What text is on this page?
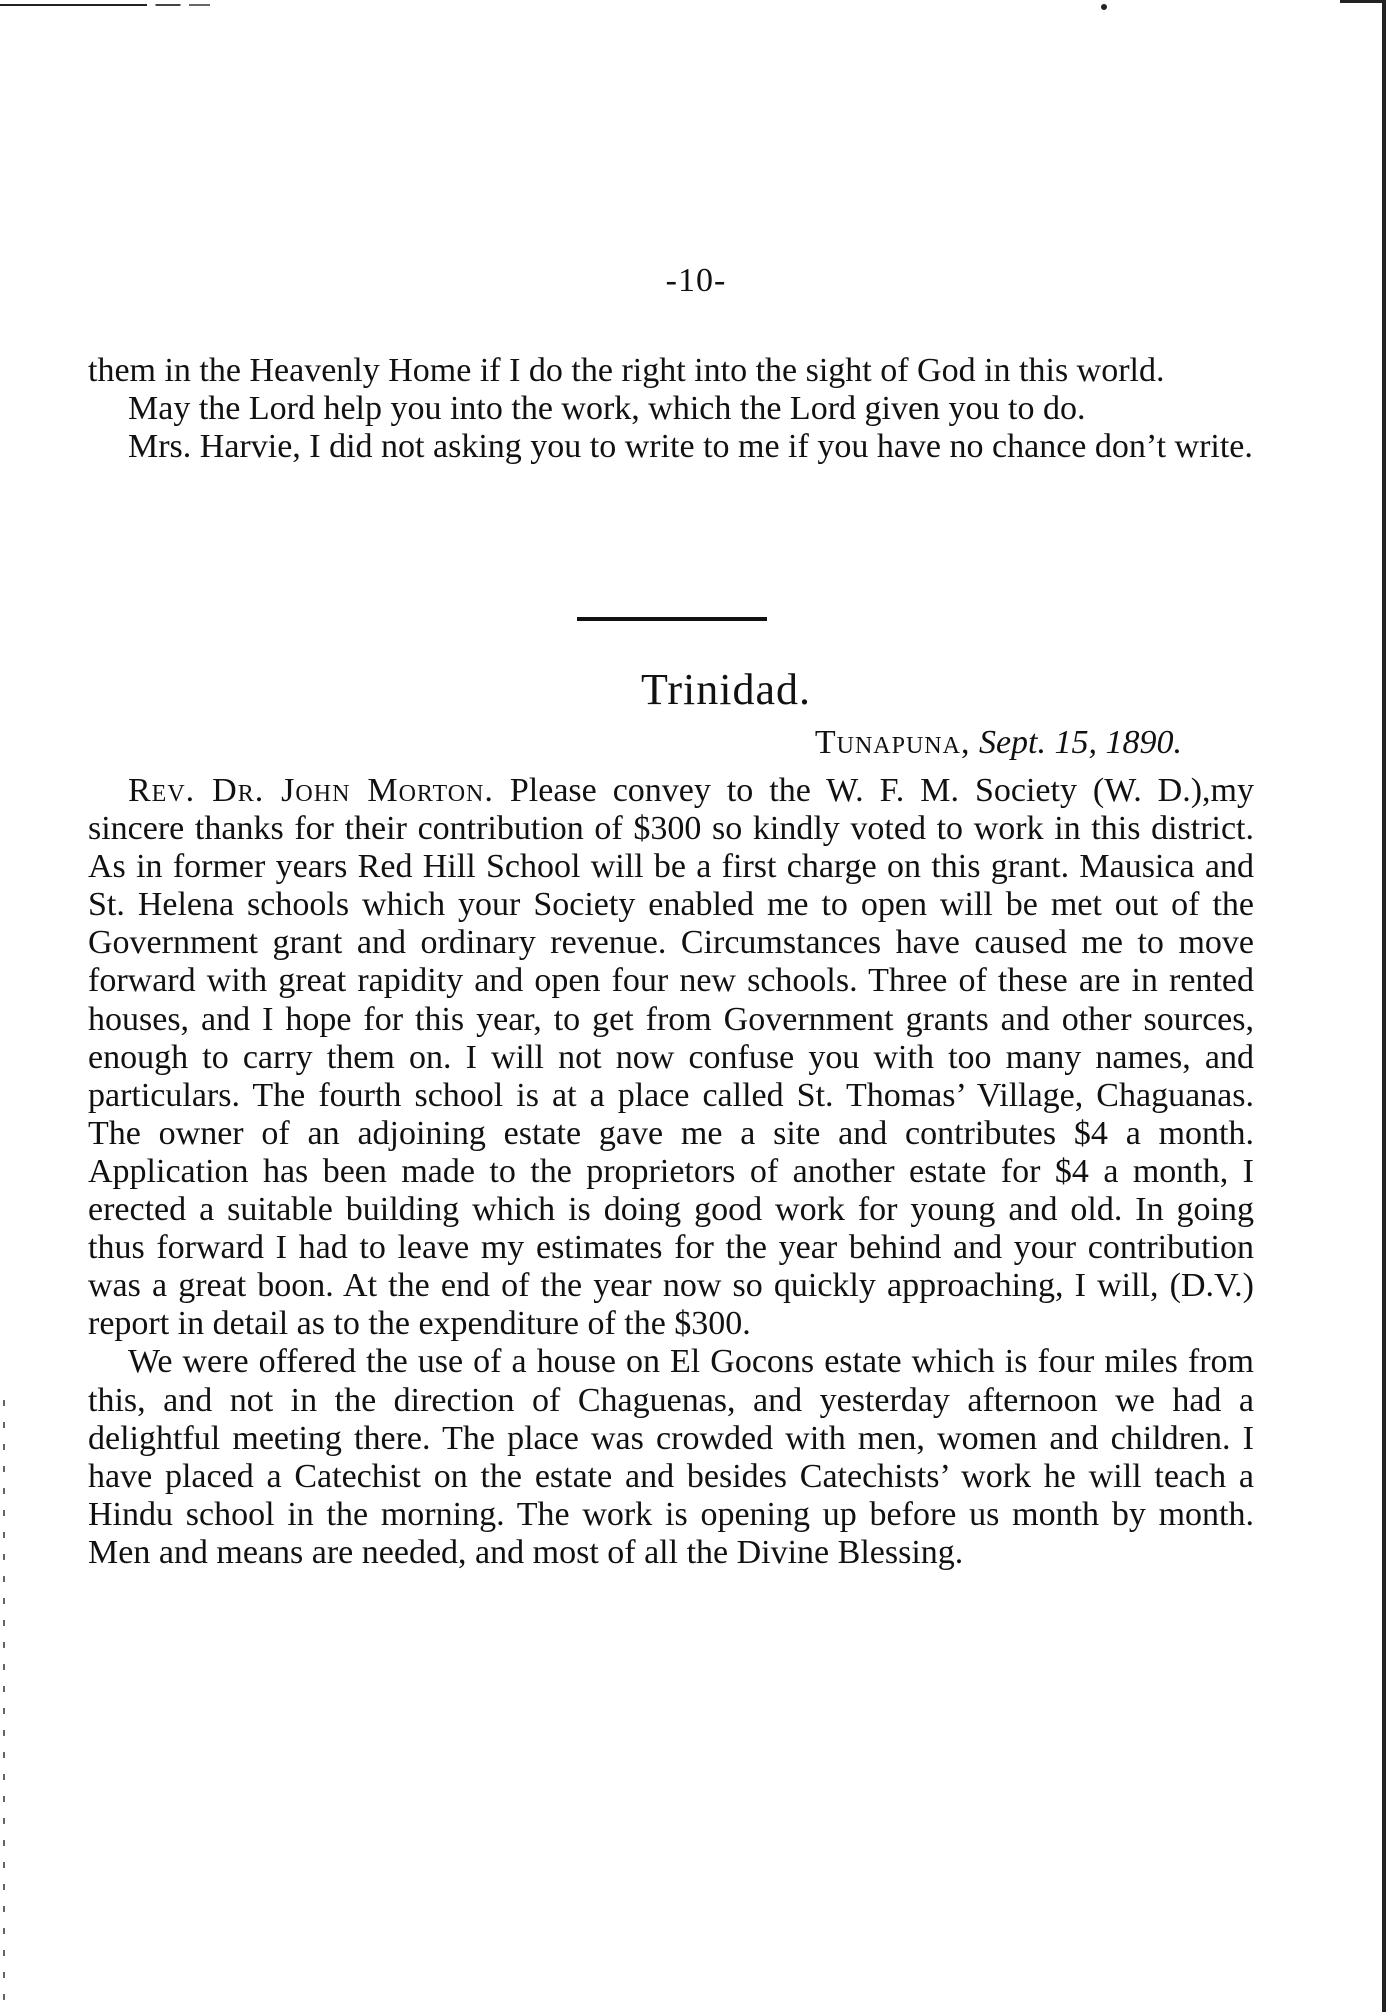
-10-

them in the Heavenly Home if I do the right into the sight of God in this world.

May the Lord help you into the work, which the Lord given you to do.

Mrs. Harvie, I did not asking you to write to me if you have no chance don’t write.

Trinidad.
Tunapuna, Sept. 15, 1890.

Rev. Dr. John Morton. Please convey to the W. F. M. Society (W. D.),my sincere thanks for their contribution of $300 so kindly voted to work in this district. As in former years Red Hill School will be a first charge on this grant. Mausica and St. Helena schools which your Society enabled me to open will be met out of the Government grant and ordinary revenue. Circumstances have caused me to move forward with great rapidity and open four new schools. Three of these are in rented houses, and I hope for this year, to get from Government grants and other sources, enough to carry them on. I will not now confuse you with too many names, and particulars. The fourth school is at a place called St. Thomas’ Village, Chaguanas. The owner of an adjoining estate gave me a site and contributes $4 a month. Application has been made to the proprietors of another estate for $4 a month, I erected a suitable building which is doing good work for young and old. In going thus forward I had to leave my estimates for the year behind and your contribution was a great boon. At the end of the year now so quickly approaching, I will, (D.V.) report in detail as to the expenditure of the $300.

We were offered the use of a house on El Gocons estate which is four miles from this, and not in the direction of Chaguenas, and yesterday afternoon we had a delightful meeting there. The place was crowded with men, women and children. I have placed a Catechist on the estate and besides Catechists’ work he will teach a Hindu school in the morning. The work is opening up before us month by month. Men and means are needed, and most of all the Divine Blessing.
